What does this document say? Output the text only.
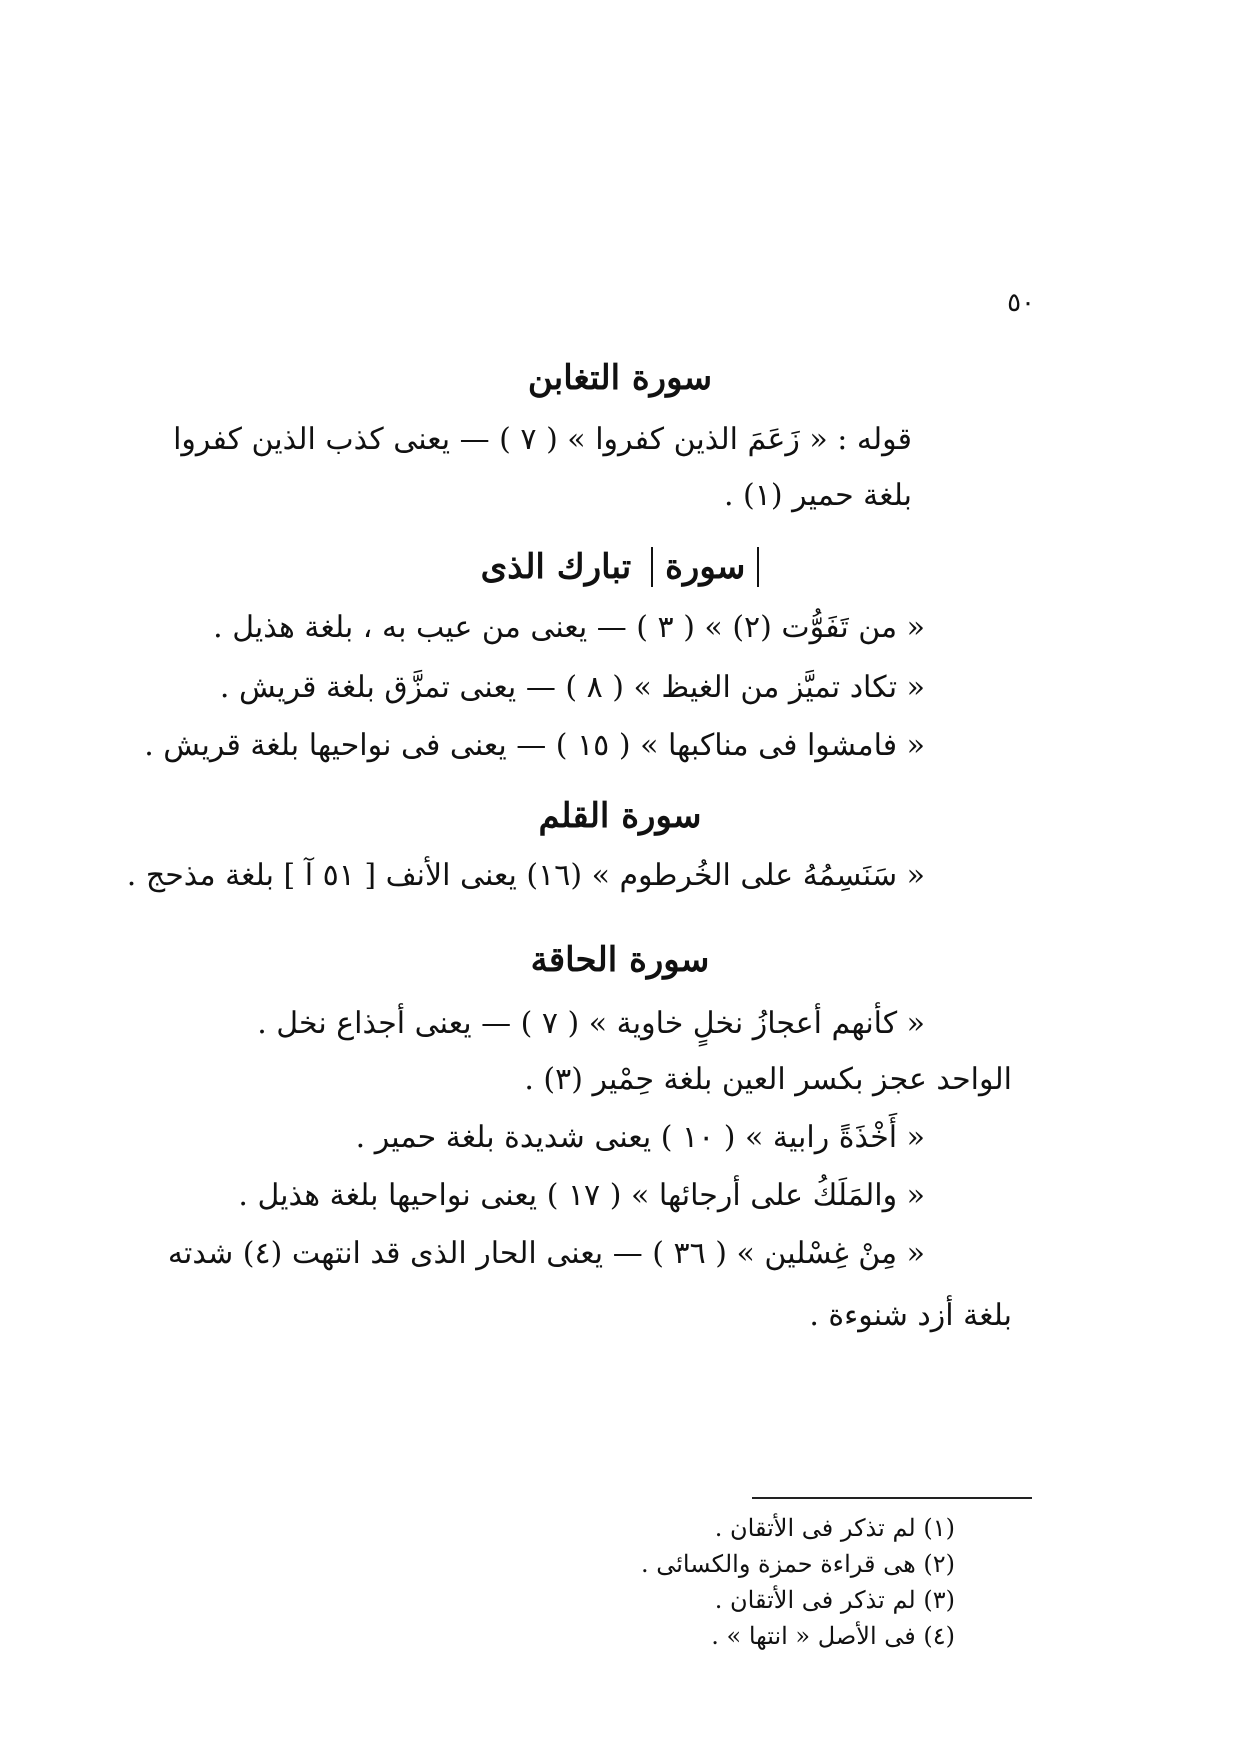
٥٠
سورة التغابن
قوله : « زَعَمَ الذين كفروا » ( ٧ ) — يعنى كذب الذين كفروا
بلغة حمير (١) .
سورة تبارك الذى
« من تَفَوُّت (٢) » ( ٣ ) — يعنى من عيب به ، بلغة هذيل .
« تكاد تميَّز من الغيظ » ( ٨ ) — يعنى تمزَّق بلغة قريش .
« فامشوا فى مناكبها » ( ١٥ ) — يعنى فى نواحيها بلغة قريش .
سورة القلم
« سَنَسِمُهُ على الخُرطوم » (١٦) يعنى الأنف [ ٥١ آ ] بلغة مذحج .
سورة الحاقة
« كأنهم أعجازُ نخلٍ خاوية » ( ٧ ) — يعنى أجذاع نخل .
الواحد عجز بكسر العين بلغة حِمْير (٣) .
« أَخْذَةً رابية » ( ١٠ ) يعنى شديدة بلغة حمير .
« والمَلَكُ على أرجائها » ( ١٧ ) يعنى نواحيها بلغة هذيل .
« مِنْ غِسْلين » ( ٣٦ ) — يعنى الحار الذى قد انتهت (٤) شدته
بلغة أزد شنوءة .
(١) لم تذكر فى الأتقان .
(٢) هى قراءة حمزة والكسائى .
(٣) لم تذكر فى الأتقان .
(٤) فى الأصل « انتها » .
